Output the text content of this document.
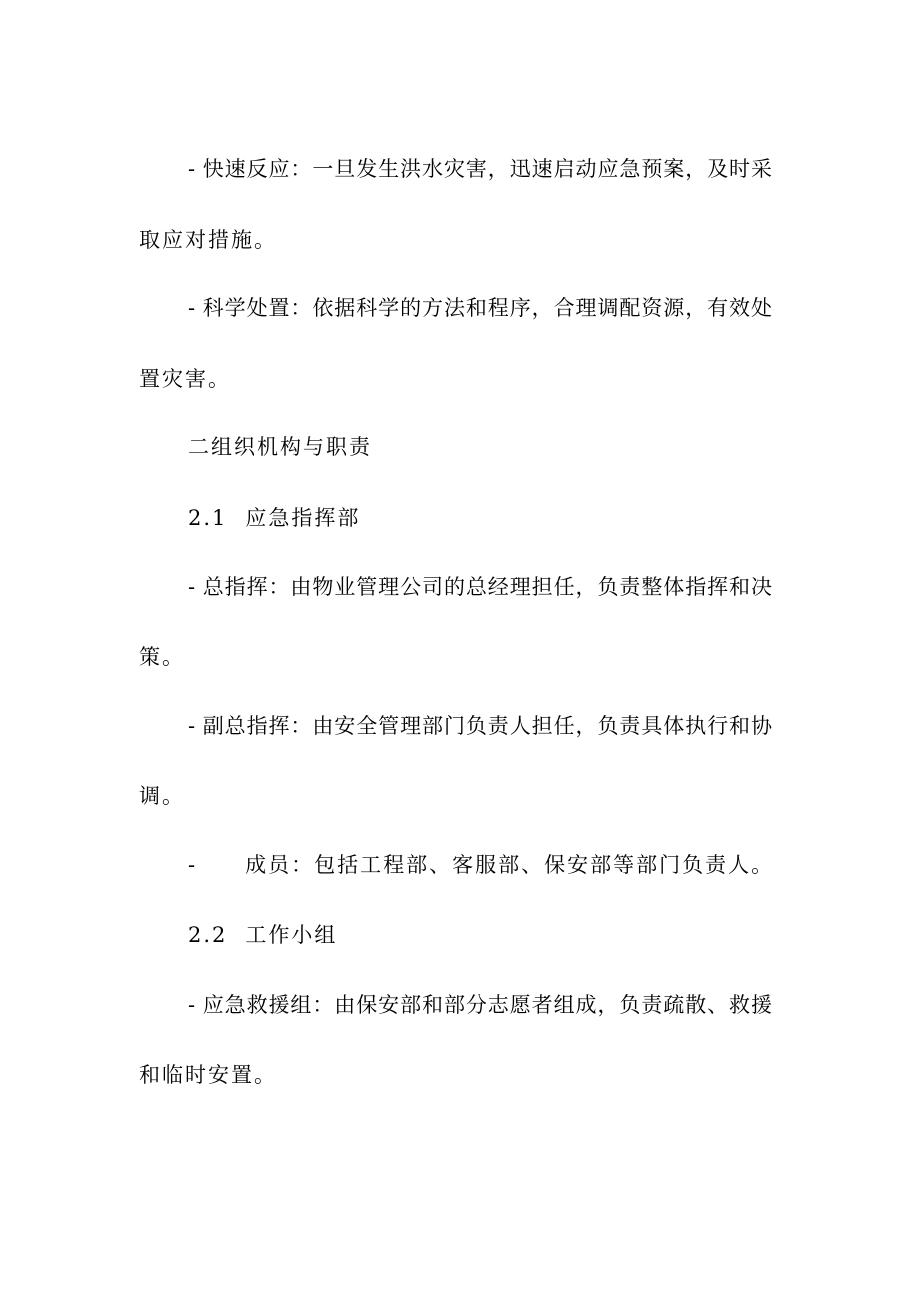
- 快速反应：一旦发生洪水灾害，迅速启动应急预案，及时采
取应对措施。
- 科学处置：依据科学的方法和程序，合理调配资源，有效处
置灾害。
二组织机构与职责
2.1 应急指挥部
- 总指挥：由物业管理公司的总经理担任，负责整体指挥和决
策。
- 副总指挥：由安全管理部门负责人担任，负责具体执行和协
调。
- 成员：包括工程部、客服部、保安部等部门负责人。
2.2 工作小组
- 应急救援组：由保安部和部分志愿者组成，负责疏散、救援
和临时安置。
